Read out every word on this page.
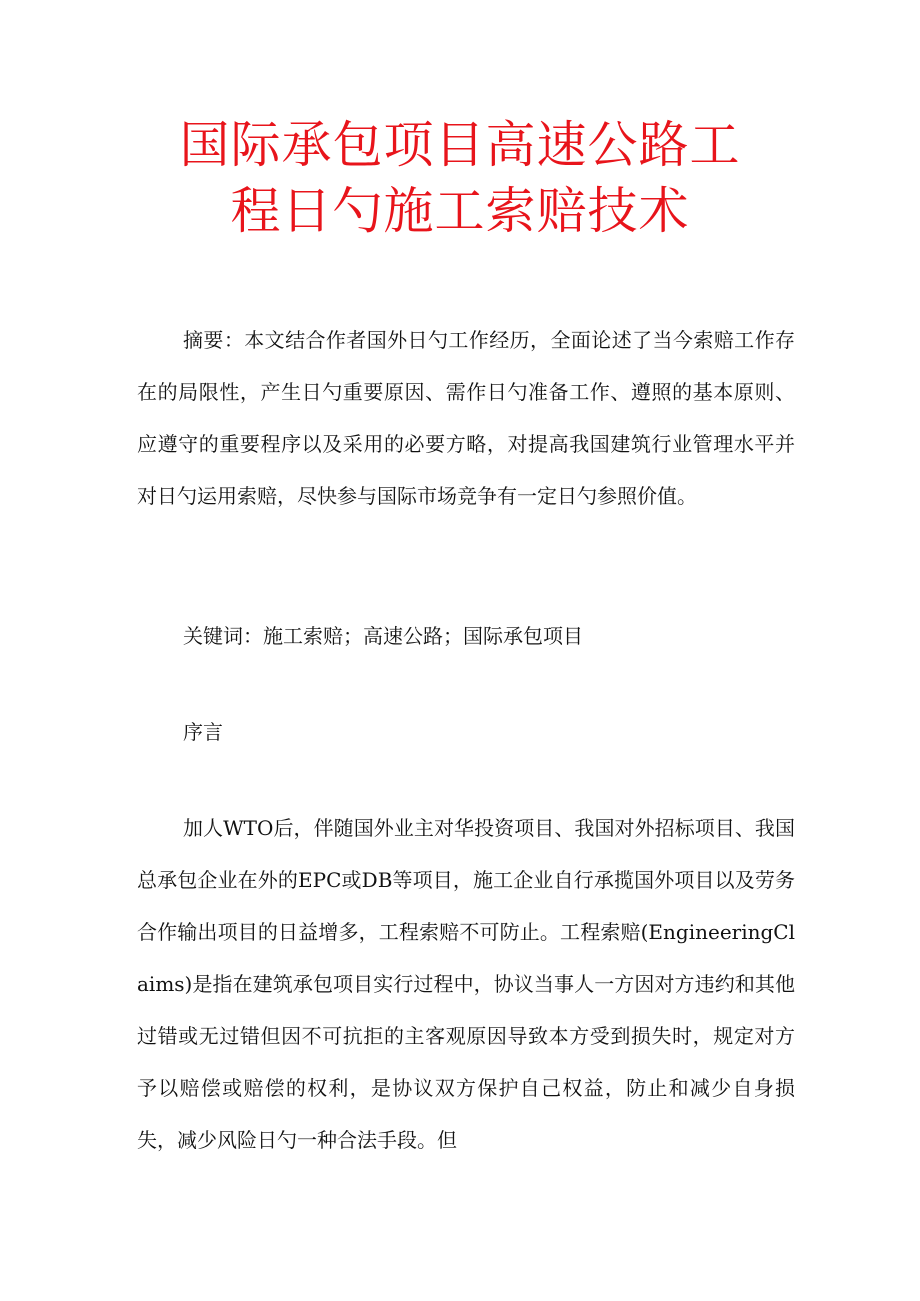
国际承包项目高速公路工
程日勺施工索赔技术

摘要：本文结合作者国外日勺工作经历，全面论述了当今索赔工作存在的局限性，产生日勺重要原因、需作日勺准备工作、遵照的基本原则、应遵守的重要程序以及采用的必要方略，对提高我国建筑行业管理水平并对日勺运用索赔，尽快参与国际市场竞争有一定日勺参照价值。

关键词：施工索赔；高速公路；国际承包项目

序言

加人WTO后，伴随国外业主对华投资项目、我国对外招标项目、我国总承包企业在外的EPC或DB等项目，施工企业自行承揽国外项目以及劳务合作输出项目的日益增多，工程索赔不可防止。工程索赔(EngineeringClaims)是指在建筑承包项目实行过程中，协议当事人一方因对方违约和其他过错或无过错但因不可抗拒的主客观原因导致本方受到损失时，规定对方予以赔偿或赔偿的权利，是协议双方保护自己权益，防止和减少自身损失，减少风险日勺一种合法手段。但
